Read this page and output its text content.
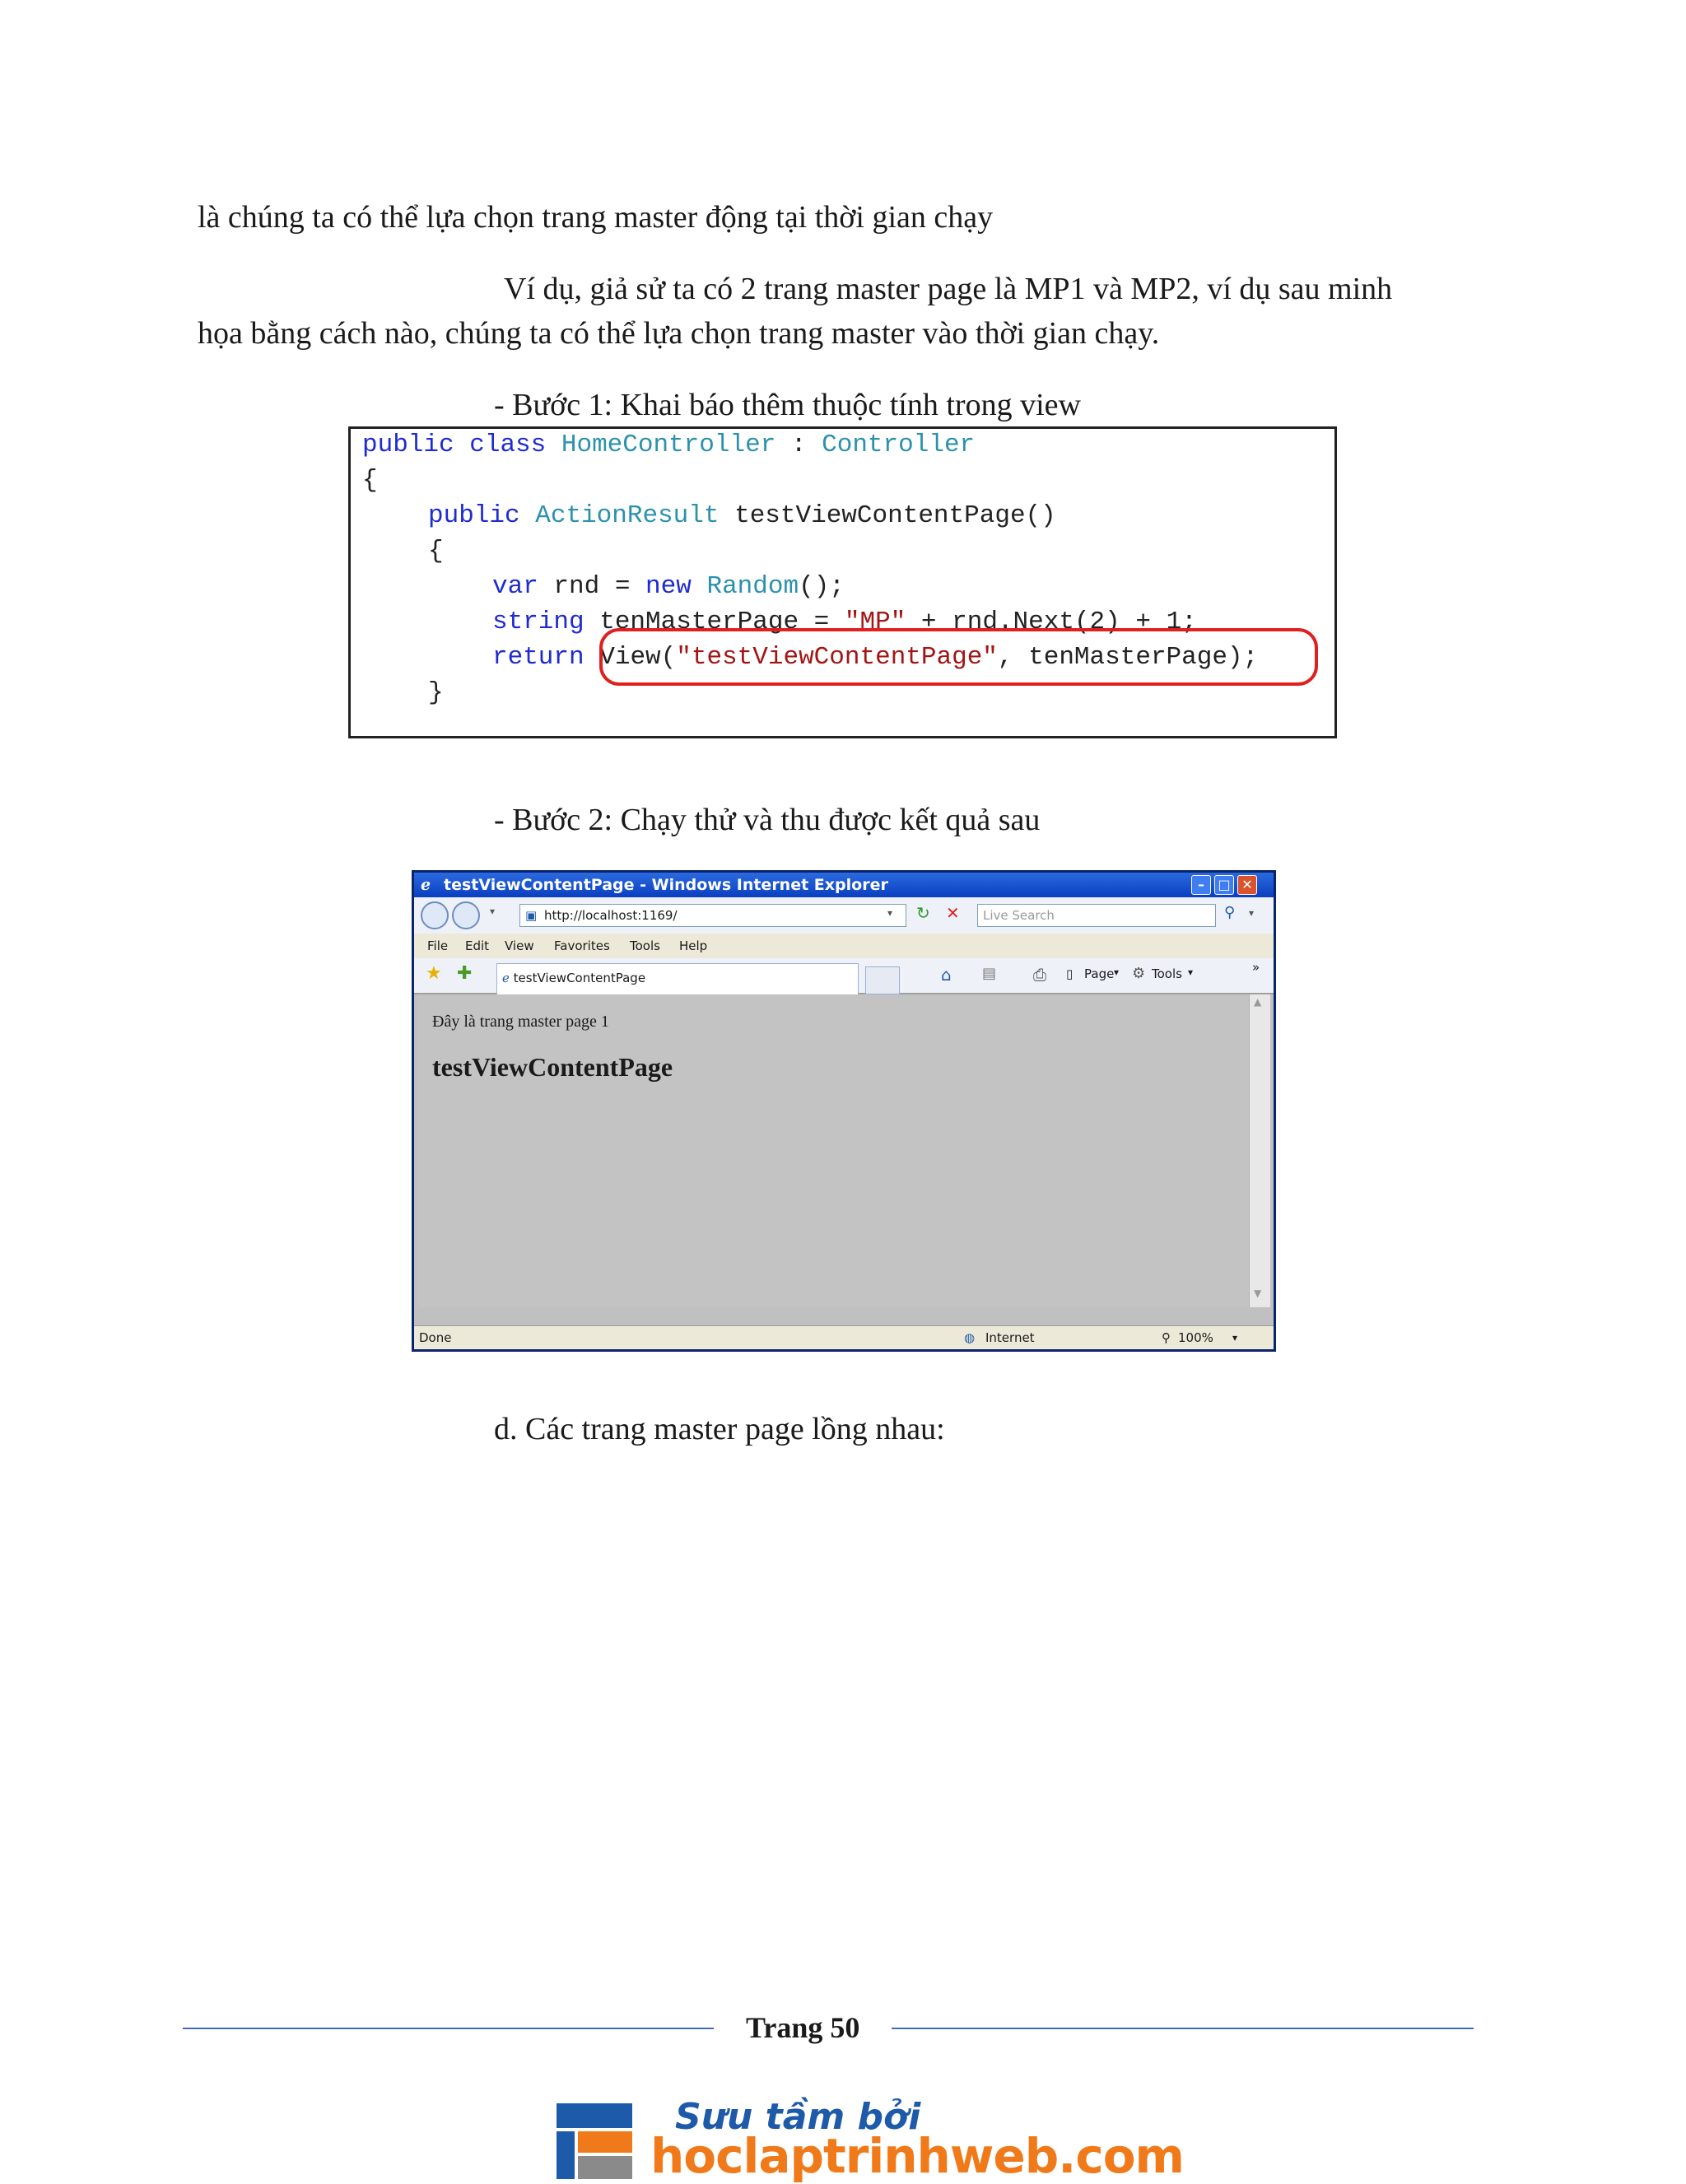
là chúng ta có thể lựa chọn trang master động tại thời gian chạy
Ví dụ, giả sử ta có 2 trang master page là MP1 và MP2, ví dụ sau minh
họa bằng cách nào, chúng ta có thể lựa chọn trang master vào thời gian chạy.
- Bước 1: Khai báo thêm thuộc tính trong view
public class HomeController : Controller
{
public ActionResult testViewContentPage()
{
var rnd = new Random();
string tenMasterPage = "MP" + rnd.Next(2) + 1;
return View("testViewContentPage", tenMasterPage);
}
- Bước 2: Chạy thử và thu được kết quả sau
ℯ testViewContentPage - Windows Internet Explorer	–	□ ✕
▾	▣ http://localhost:1169/	▾ ↻ ✕	Live Search	⚲ ▾
File Edit View Favorites Tools Help
★ ✚	ℯ testViewContentPage	⌂ ▤ ⎙ ▯ Page ▾ ⚙ Tools ▾	»
Đây là trang master page 1
testViewContentPage
▲
▼
Done	◍ Internet	⚲ 100% ▾
d. Các trang master page lồng nhau:
Trang 50
Sưu tầm bởi
hoclaptrinhweb.com
